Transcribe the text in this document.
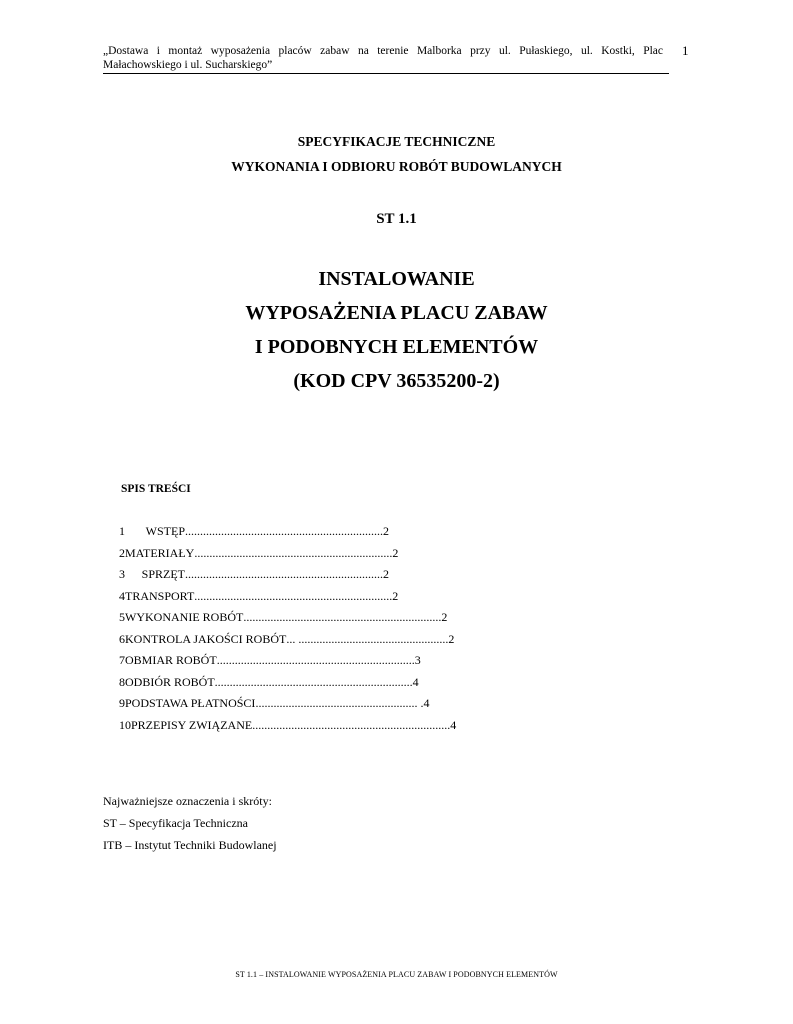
„Dostawa i montaż wyposażenia placów zabaw na terenie Malborka przy ul. Pułaskiego, ul. Kostki, Plac Małachowskiego i ul. Sucharskiego”
1
SPECYFIKACJE TECHNICZNE
WYKONANIA I ODBIORU ROBÓT BUDOWLANYCH
ST 1.1
INSTALOWANIE
WYPOSAŻENIA PLACU ZABAW
I PODOBNYCH ELEMENTÓW
(KOD CPV 36535200-2)
SPIS TREŚCI
1	WSTĘP .................................................................. 2
2 MATERIAŁY .................................................................. 2
3	SPRZĘT .................................................................. 2
4 TRANSPORT .................................................................. 2
5 WYKONANIE ROBÓT .................................................................. 2
6 KONTROLA JAKOŚCI ROBÓT ... .................................................. 2
7 OBMIAR ROBÓT .................................................................. 3
8 ODBIÓR ROBÓT .................................................................. 4
9 PODSTAWA PŁATNOŚCI ...................................................... . 4
10 PRZEPISY ZWIĄZANE .................................................................. 4
Najważniejsze oznaczenia i skróty:
ST – Specyfikacja Techniczna
ITB – Instytut Techniki Budowlanej
ST 1.1 – INSTALOWANIE WYPOSAŻENIA PLACU ZABAW I PODOBNYCH ELEMENTÓW
